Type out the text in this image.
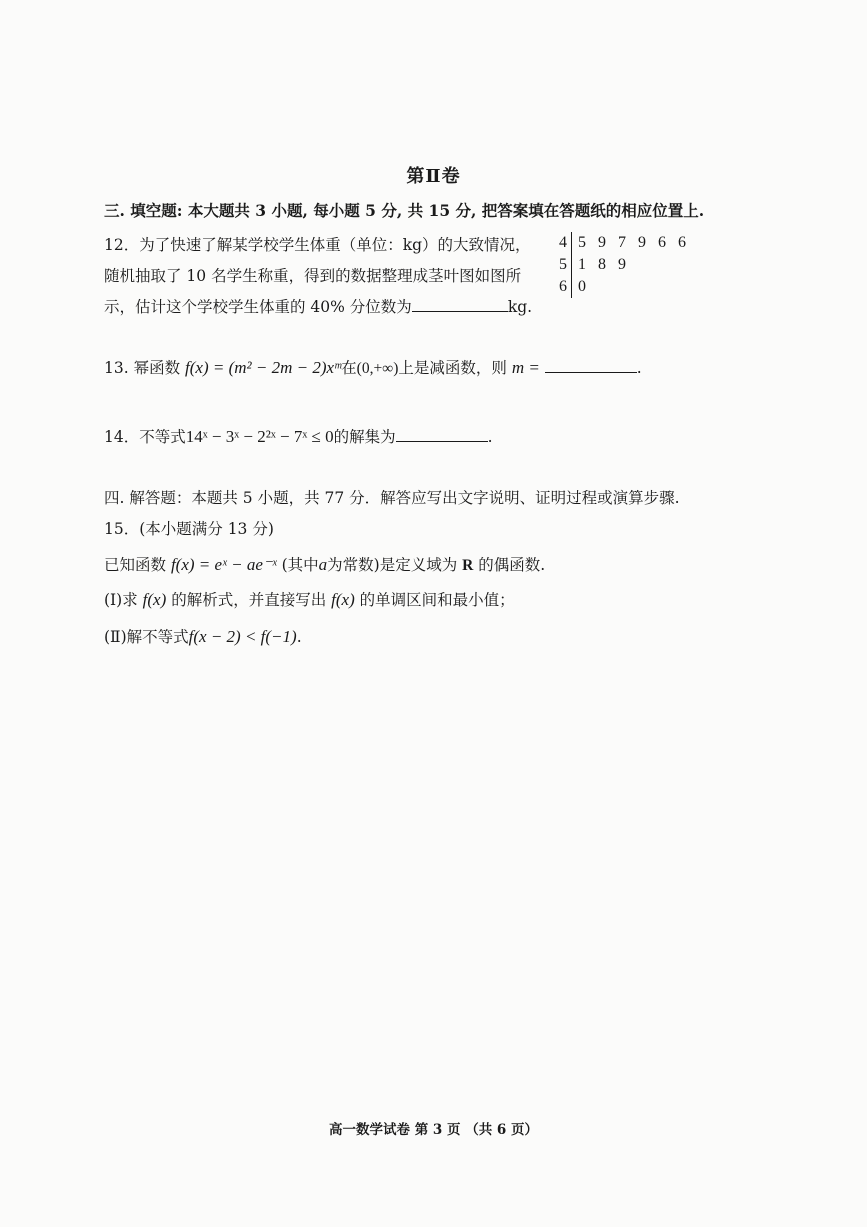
第Ⅱ卷
三. 填空题: 本大题共 3 小题, 每小题 5 分, 共 15 分, 把答案填在答题纸的相应位置上.
12．为了快速了解某学校学生体重（单位：kg）的大致情况，
随机抽取了 10 名学生称重，得到的数据整理成茎叶图如图所
示，估计这个学校学生体重的 40% 分位数为	kg.
4 597966
5 189
6 0
13. 幂函数 f(x) = (m² − 2m − 2)xᵐ在(0,+∞)上是减函数，则 m =	.
14．不等式14ˣ − 3ˣ − 2²ˣ − 7ˣ ≤ 0的解集为	.
四. 解答题：本题共 5 小题，共 77 分．解答应写出文字说明、证明过程或演算步骤.
15．(本小题满分 13 分)
已知函数 f(x) = eˣ − ae⁻ˣ (其中a为常数)是定义域为 R 的偶函数.
(Ⅰ)求 f(x) 的解析式，并直接写出 f(x) 的单调区间和最小值；
(Ⅱ)解不等式f(x − 2) < f(−1).
高一数学试卷 第 3 页 （共 6 页）
